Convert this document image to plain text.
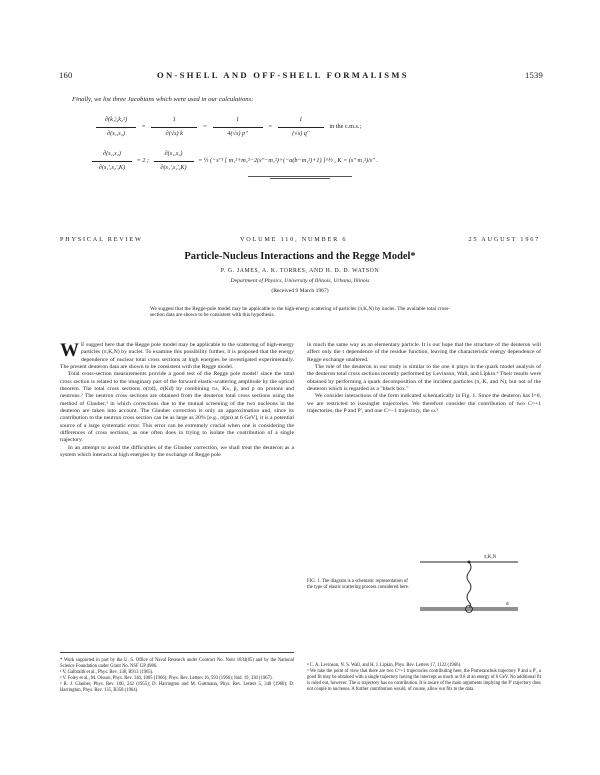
160	ON-SHELL AND OFF-SHELL FORMALISMS	1539
Finally, we list three Jacobians which were used in our calculations:
$\frac{\text{∂(k₁|,k₂²)}}{\text{∂(s₁,s₂)}} = \frac{1}{\partial(√s) k} = \frac{1}{4(√s) p''} = \frac{1}{(√s) q''}$ in the c.m.s.;
$\frac{\text{∂(s₁,s₂)}}{\text{∂(s₁',s₂',K)}} = 2$ ; $\frac{\text{∂(s₁,s₂)}}{\text{∂(s₁',s₂',K)}}$ = ½ (−s''¹ [ m₁²+m₂²−2(s''−m₂²)+(−a(b−m₁²)+1) ]^½ , K = (s'' m₁²)/s'' .
PHYSICAL REVIEW	VOLUME 110, NUMBER 6	25 AUGUST 1967
Particle-Nucleus Interactions and the Regge Model*
P. G. JAMES, A. K. TORRES, AND H. D. D. WATSON
Department of Physics, University of Illinois, Urbana, Illinois
(Received 9 March 1967)
We suggest that the Regge-pole model may be applicable to the high-energy scattering of particles (π,K,N) by nuclei. The available total cross-section data are shown to be consistent with this hypothesis.

W E suggest here that the Regge pole model may be applicable to the scattering of high-energy particles (π,K,N) by nuclei. To examine this possibility further, it is proposed that the energy dependence of nuclear total cross sections at high energies be investigated experimentally. The present deuteron data are shown to be consistent with the Regge model.

Total cross-section measurements provide a good test of the Regge pole model¹ since the total cross section is related to the imaginary part of the forward elastic-scattering amplitude by the optical theorem. The total cross sections σ(πd), σ(Kd) by combining π±, K±, p̄, and p on protons and neutrons.² The neutron cross sections are obtained from the deuteron total cross sections using the method of Glauber,³ in which corrections due to the mutual screening of the two nucleons in the deuteron are taken into account. The Glauber correction is only an approximation and, since its contribution to the neutron cross section can be as large as 20% [e.g., σ(pn) at 6 GeV], it is a potential source of a large systematic error. This error can be extremely crucial when one is considering the differences of cross sections, as one often does in trying to isolate the contribution of a single trajectory.

In an attempt to avoid the difficulties of the Glauber correction, we shall treat the deuteron as a system which interacts at high energies by the exchange of Regge pole

in much the same way as an elementary particle. It is our hope that the structure of the deuteron will affect only the t dependence of the residue function, leaving the characteristic energy dependence of Regge exchange unaltered.

The role of the deuteron in our study is similar to the one it plays in the quark model analysis of the deuteron total cross sections recently performed by Levinson, Wall, and Lipkin.⁴ Their results were obtained by performing a quark decomposition of the incident particles (π, K, and N), but not of the deuteron which is regarded as a "black box."

We consider interactions of the form indicated schematically in Fig. 1. Since the deuteron has I=0, we are restricted to isosinglet trajectories. We therefore consider the contribution of two C=+1 trajectories, the P and P′, and one C=−1 trajectory, the ω.⁵

FIG. 1. The diagram is a schematic representation of the type of elastic scattering process considered here.
π,K,N
d
* Work supported in part by the U. S. Office of Naval Research under Contract No. Nonr 1834(05) and by the National Science Foundation under Grant No. NSF GP 4986.
¹ V. Galbraith et al., Phys. Rev. 138, B913 (1965).
² V. Foley et al., M. Olsson, Phys. Rev. 146, 1005 (1966); Phys. Rev. Letters 16, 593 (1966); ibid. 19, 330 (1967).
³ R. J. Glauber, Phys. Rev. 100, 242 (1955); D. Harrington and M. Guttmann, Phys. Rev. Letters 5, 346 (1960); D. Harrington, Phys. Rev. 135, B358 (1964).
⁴ C. A. Levinson, N. S. Wall, and H. J. Lipkin, Phys. Rev. Letters 17, 1122 (1966).
⁵ We take the point of view that there are two C=+1 trajectories contributing here, the Pomeranchuk trajectory P and a P′, a good fit may be obtained with a single trajectory having the intercept as much as 0.8 at an energy of 6 GeV. No additional fit is ruled out, however. The ω trajectory has no contribution. It is aware of the main arguments implying the P′ trajectory does not couple to nucleons. A further contribution would, of course, allow our fits to the data.
